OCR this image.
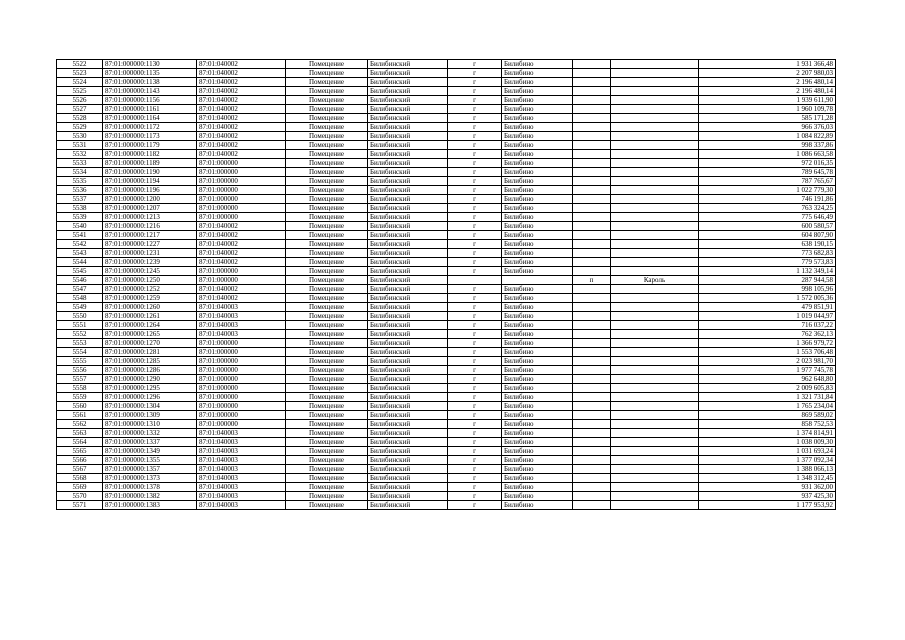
5522	87:01:000000:1130	87:01:040002	Помещение	Билибинский	г	Билибино			1 931 366,48
5523	87:01:000000:1135	87:01:040002	Помещение	Билибинский	г	Билибино			2 207 980,03
5524	87:01:000000:1138	87:01:040002	Помещение	Билибинский	г	Билибино			2 196 480,14
5525	87:01:000000:1143	87:01:040002	Помещение	Билибинский	г	Билибино			2 196 480,14
5526	87:01:000000:1156	87:01:040002	Помещение	Билибинский	г	Билибино			1 939 611,90
5527	87:01:000000:1161	87:01:040002	Помещение	Билибинский	г	Билибино			1 960 109,78
5528	87:01:000000:1164	87:01:040002	Помещение	Билибинский	г	Билибино			585 171,28
5529	87:01:000000:1172	87:01:040002	Помещение	Билибинский	г	Билибино			966 376,03
5530	87:01:000000:1173	87:01:040002	Помещение	Билибинский	г	Билибино			1 084 822,89
5531	87:01:000000:1179	87:01:040002	Помещение	Билибинский	г	Билибино			998 337,86
5532	87:01:000000:1182	87:01:040002	Помещение	Билибинский	г	Билибино			1 086 663,58
5533	87:01:000000:1189	87:01:000000	Помещение	Билибинский	г	Билибино			972 016,35
5534	87:01:000000:1190	87:01:000000	Помещение	Билибинский	г	Билибино			789 645,78
5535	87:01:000000:1194	87:01:000000	Помещение	Билибинский	г	Билибино			787 765,67
5536	87:01:000000:1196	87:01:000000	Помещение	Билибинский	г	Билибино			1 022 779,30
5537	87:01:000000:1200	87:01:000000	Помещение	Билибинский	г	Билибино			746 191,86
5538	87:01:000000:1207	87:01:000000	Помещение	Билибинский	г	Билибино			763 324,25
5539	87:01:000000:1213	87:01:000000	Помещение	Билибинский	г	Билибино			775 646,49
5540	87:01:000000:1216	87:01:040002	Помещение	Билибинский	г	Билибино			600 580,57
5541	87:01:000000:1217	87:01:040002	Помещение	Билибинский	г	Билибино			604 807,90
5542	87:01:000000:1227	87:01:040002	Помещение	Билибинский	г	Билибино			638 190,15
5543	87:01:000000:1231	87:01:040002	Помещение	Билибинский	г	Билибино			773 682,83
5544	87:01:000000:1239	87:01:040002	Помещение	Билибинский	г	Билибино			779 573,83
5545	87:01:000000:1245	87:01:000000	Помещение	Билибинский	г	Билибино			1 132 349,14
5546	87:01:000000:1250	87:01:000000	Помещение	Билибинский			п	Кароль	287 944,58
5547	87:01:000000:1252	87:01:040002	Помещение	Билибинский	г	Билибино			998 105,96
5548	87:01:000000:1259	87:01:040002	Помещение	Билибинский	г	Билибино			1 572 005,36
5549	87:01:000000:1260	87:01:040003	Помещение	Билибинский	г	Билибино			479 851,91
5550	87:01:000000:1261	87:01:040003	Помещение	Билибинский	г	Билибино			1 019 044,97
5551	87:01:000000:1264	87:01:040003	Помещение	Билибинский	г	Билибино			716 037,22
5552	87:01:000000:1265	87:01:040003	Помещение	Билибинский	г	Билибино			762 362,13
5553	87:01:000000:1270	87:01:000000	Помещение	Билибинский	г	Билибино			1 366 979,72
5554	87:01:000000:1281	87:01:000000	Помещение	Билибинский	г	Билибино			1 553 706,48
5555	87:01:000000:1285	87:01:000000	Помещение	Билибинский	г	Билибино			2 023 981,70
5556	87:01:000000:1286	87:01:000000	Помещение	Билибинский	г	Билибино			1 977 745,78
5557	87:01:000000:1290	87:01:000000	Помещение	Билибинский	г	Билибино			962 648,80
5558	87:01:000000:1295	87:01:000000	Помещение	Билибинский	г	Билибино			2 009 605,83
5559	87:01:000000:1296	87:01:000000	Помещение	Билибинский	г	Билибино			1 321 731,84
5560	87:01:000000:1304	87:01:000000	Помещение	Билибинский	г	Билибино			1 765 234,04
5561	87:01:000000:1309	87:01:000000	Помещение	Билибинский	г	Билибино			869 589,02
5562	87:01:000000:1310	87:01:000000	Помещение	Билибинский	г	Билибино			858 752,53
5563	87:01:000000:1332	87:01:040003	Помещение	Билибинский	г	Билибино			1 374 814,91
5564	87:01:000000:1337	87:01:040003	Помещение	Билибинский	г	Билибино			1 038 009,30
5565	87:01:000000:1349	87:01:040003	Помещение	Билибинский	г	Билибино			1 031 693,24
5566	87:01:000000:1355	87:01:040003	Помещение	Билибинский	г	Билибино			1 377 092,34
5567	87:01:000000:1357	87:01:040003	Помещение	Билибинский	г	Билибино			1 388 066,13
5568	87:01:000000:1373	87:01:040003	Помещение	Билибинский	г	Билибино			1 348 312,45
5569	87:01:000000:1378	87:01:040003	Помещение	Билибинский	г	Билибино			931 362,00
5570	87:01:000000:1382	87:01:040003	Помещение	Билибинский	г	Билибино			937 425,30
5571	87:01:000000:1383	87:01:040003	Помещение	Билибинский	г	Билибино			1 177 953,92
